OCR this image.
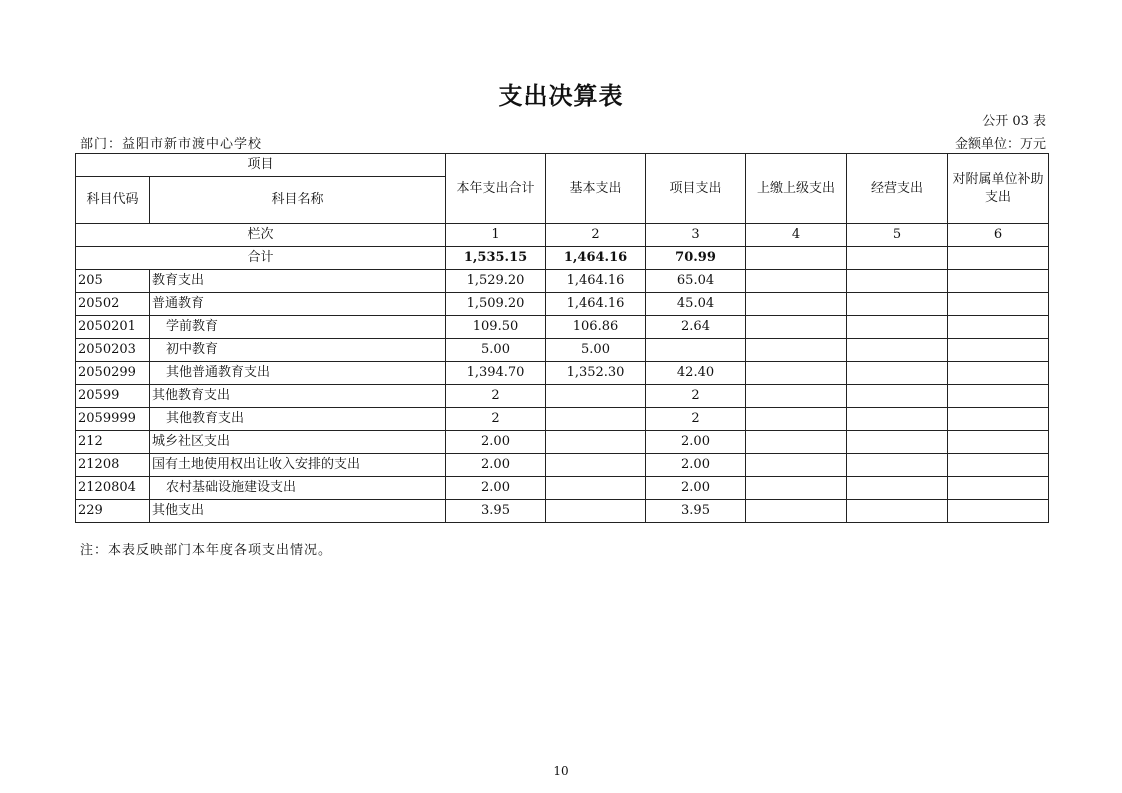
支出决算表
公开 03 表
部门：益阳市新市渡中心学校	金额单位：万元
项目		本年支出合计	基本支出	项目支出	上缴上级支出	经营支出	对附属单位补助支出
科目代码	科目名称						
栏次		1	2	3	4	5	6
合计		1,535.15	1,464.16	70.99			
205	教育支出	1,529.20	1,464.16	65.04			
20502	普通教育	1,509.20	1,464.16	45.04			
2050201	学前教育	109.50	106.86	2.64			
2050203	初中教育	5.00	5.00				
2050299	其他普通教育支出	1,394.70	1,352.30	42.40			
20599	其他教育支出	2		2			
2059999	其他教育支出	2		2			
212	城乡社区支出	2.00		2.00			
21208	国有土地使用权出让收入安排的支出	2.00		2.00			
2120804	农村基础设施建设支出	2.00		2.00			
229	其他支出	3.95		3.95			
注：本表反映部门本年度各项支出情况。
10
